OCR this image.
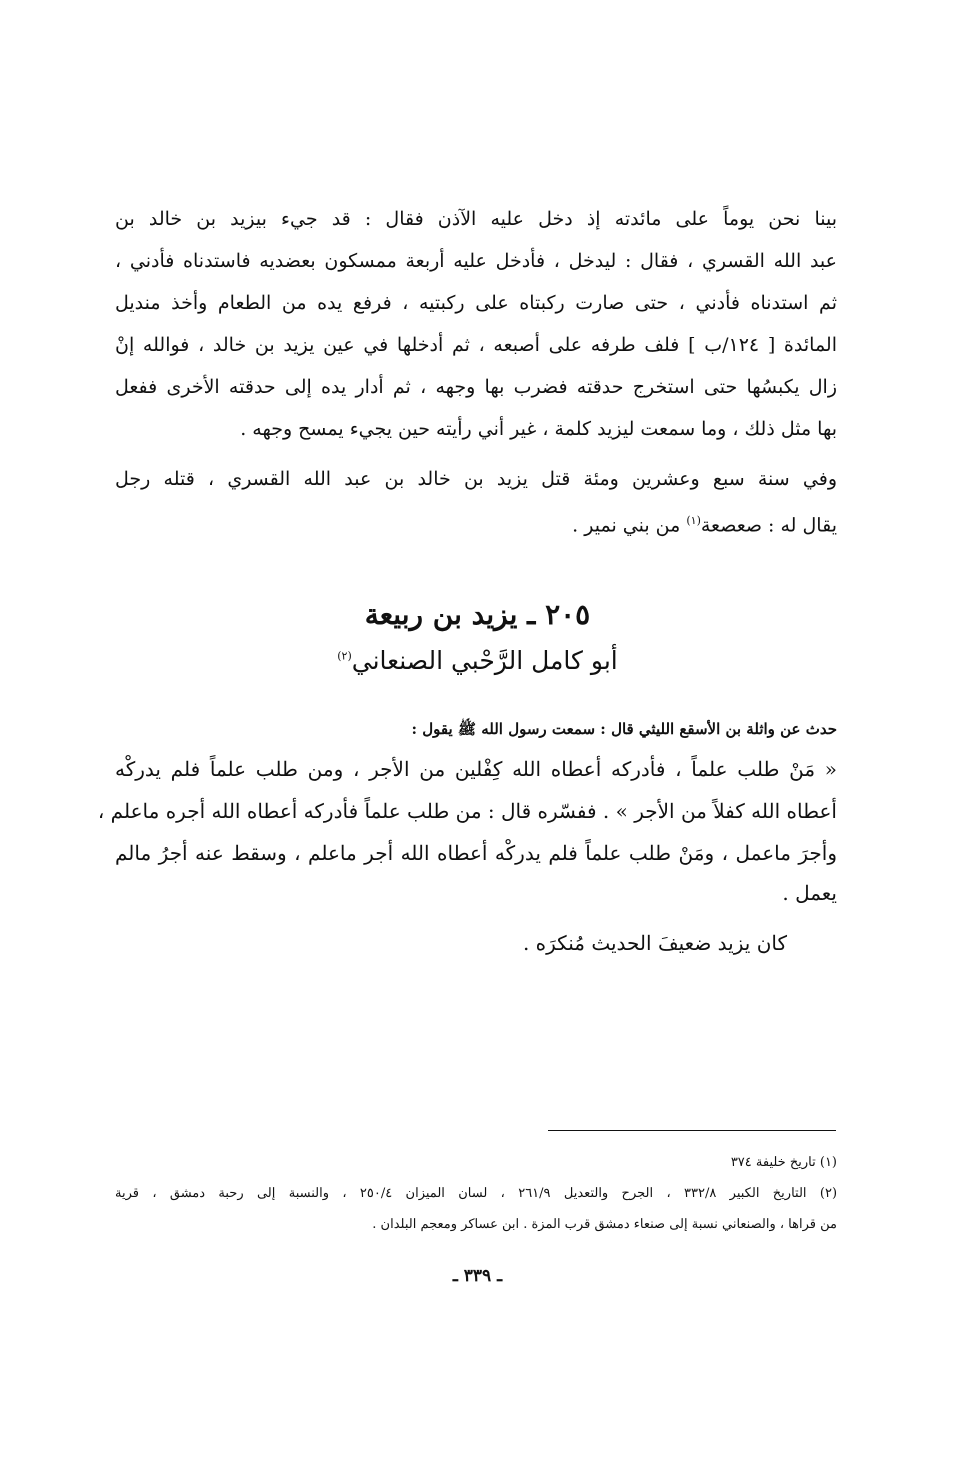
بينا نحن يوماً على مائدته إذ دخل عليه الآذن فقال : قد جيء بيزيد بن خالد بن
عبد الله القسري ، فقال : ليدخل ، فأدخل عليه أربعة ممسكون بعضديه فاستدناه فأدني ،
ثم استدناه فأدني ، حتى صارت ركبتاه على ركبتيه ، فرفع يده من الطعام وأخذ منديل
المائدة [ ١٢٤/ب ] فلف طرفه على أصبعه ، ثم أدخلها في عين يزيد بن خالد ، فوالله إنْ
زال يكبسُها حتى استخرج حدقته فضرب بها وجهه ، ثم أدار يده إلى حدقته الأخرى ففعل
بها مثل ذلك ، وما سمعت ليزيد كلمة ، غير أني رأيته حين يجيء يمسح وجهه .
وفي سنة سبع وعشرين ومئة قتل يزيد بن خالد بن عبد الله القسري ، قتله رجل
يقال له : صعصعة$^{(١)}$ من بني نمير .
٢٠٥ ـ يزيد بن ربيعة
أبو كامل الرَّحْبي الصنعاني$^{(٢)}$
حدث عن واثلة بن الأسقع الليثي قال : سمعت رسول الله ﷺ يقول :
« مَنْ طلب علماً ، فأدركه أعطاه الله كِفْلين من الأجر ، ومن طلب علماً فلم يدركْه
أعطاه الله كفلاً من الأجر » . ففسّره قال : من طلب علماً فأدركه أعطاه الله أجره ماعلم ،
وأجرَ ماعمل ، ومَنْ طلب علماً فلم يدركْه أعطاه الله أجر ماعلم ، وسقط عنه أجرُ مالم
يعمل .
كان يزيد ضعيفَ الحديث مُنكرَه .
(١) تاريخ خليفة ٣٧٤
(٢) التاريخ الكبير ٣٣٢/٨ ، الجرح والتعديل ٢٦١/٩ ، لسان الميزان ٢٥٠/٤ ، والنسبة إلى رحبة دمشق ، قرية
من قراها ، والصنعاني نسبة إلى صنعاء دمشق قرب المزة . ابن عساكر ومعجم البلدان .
ـ ٣٣٩ ـ
